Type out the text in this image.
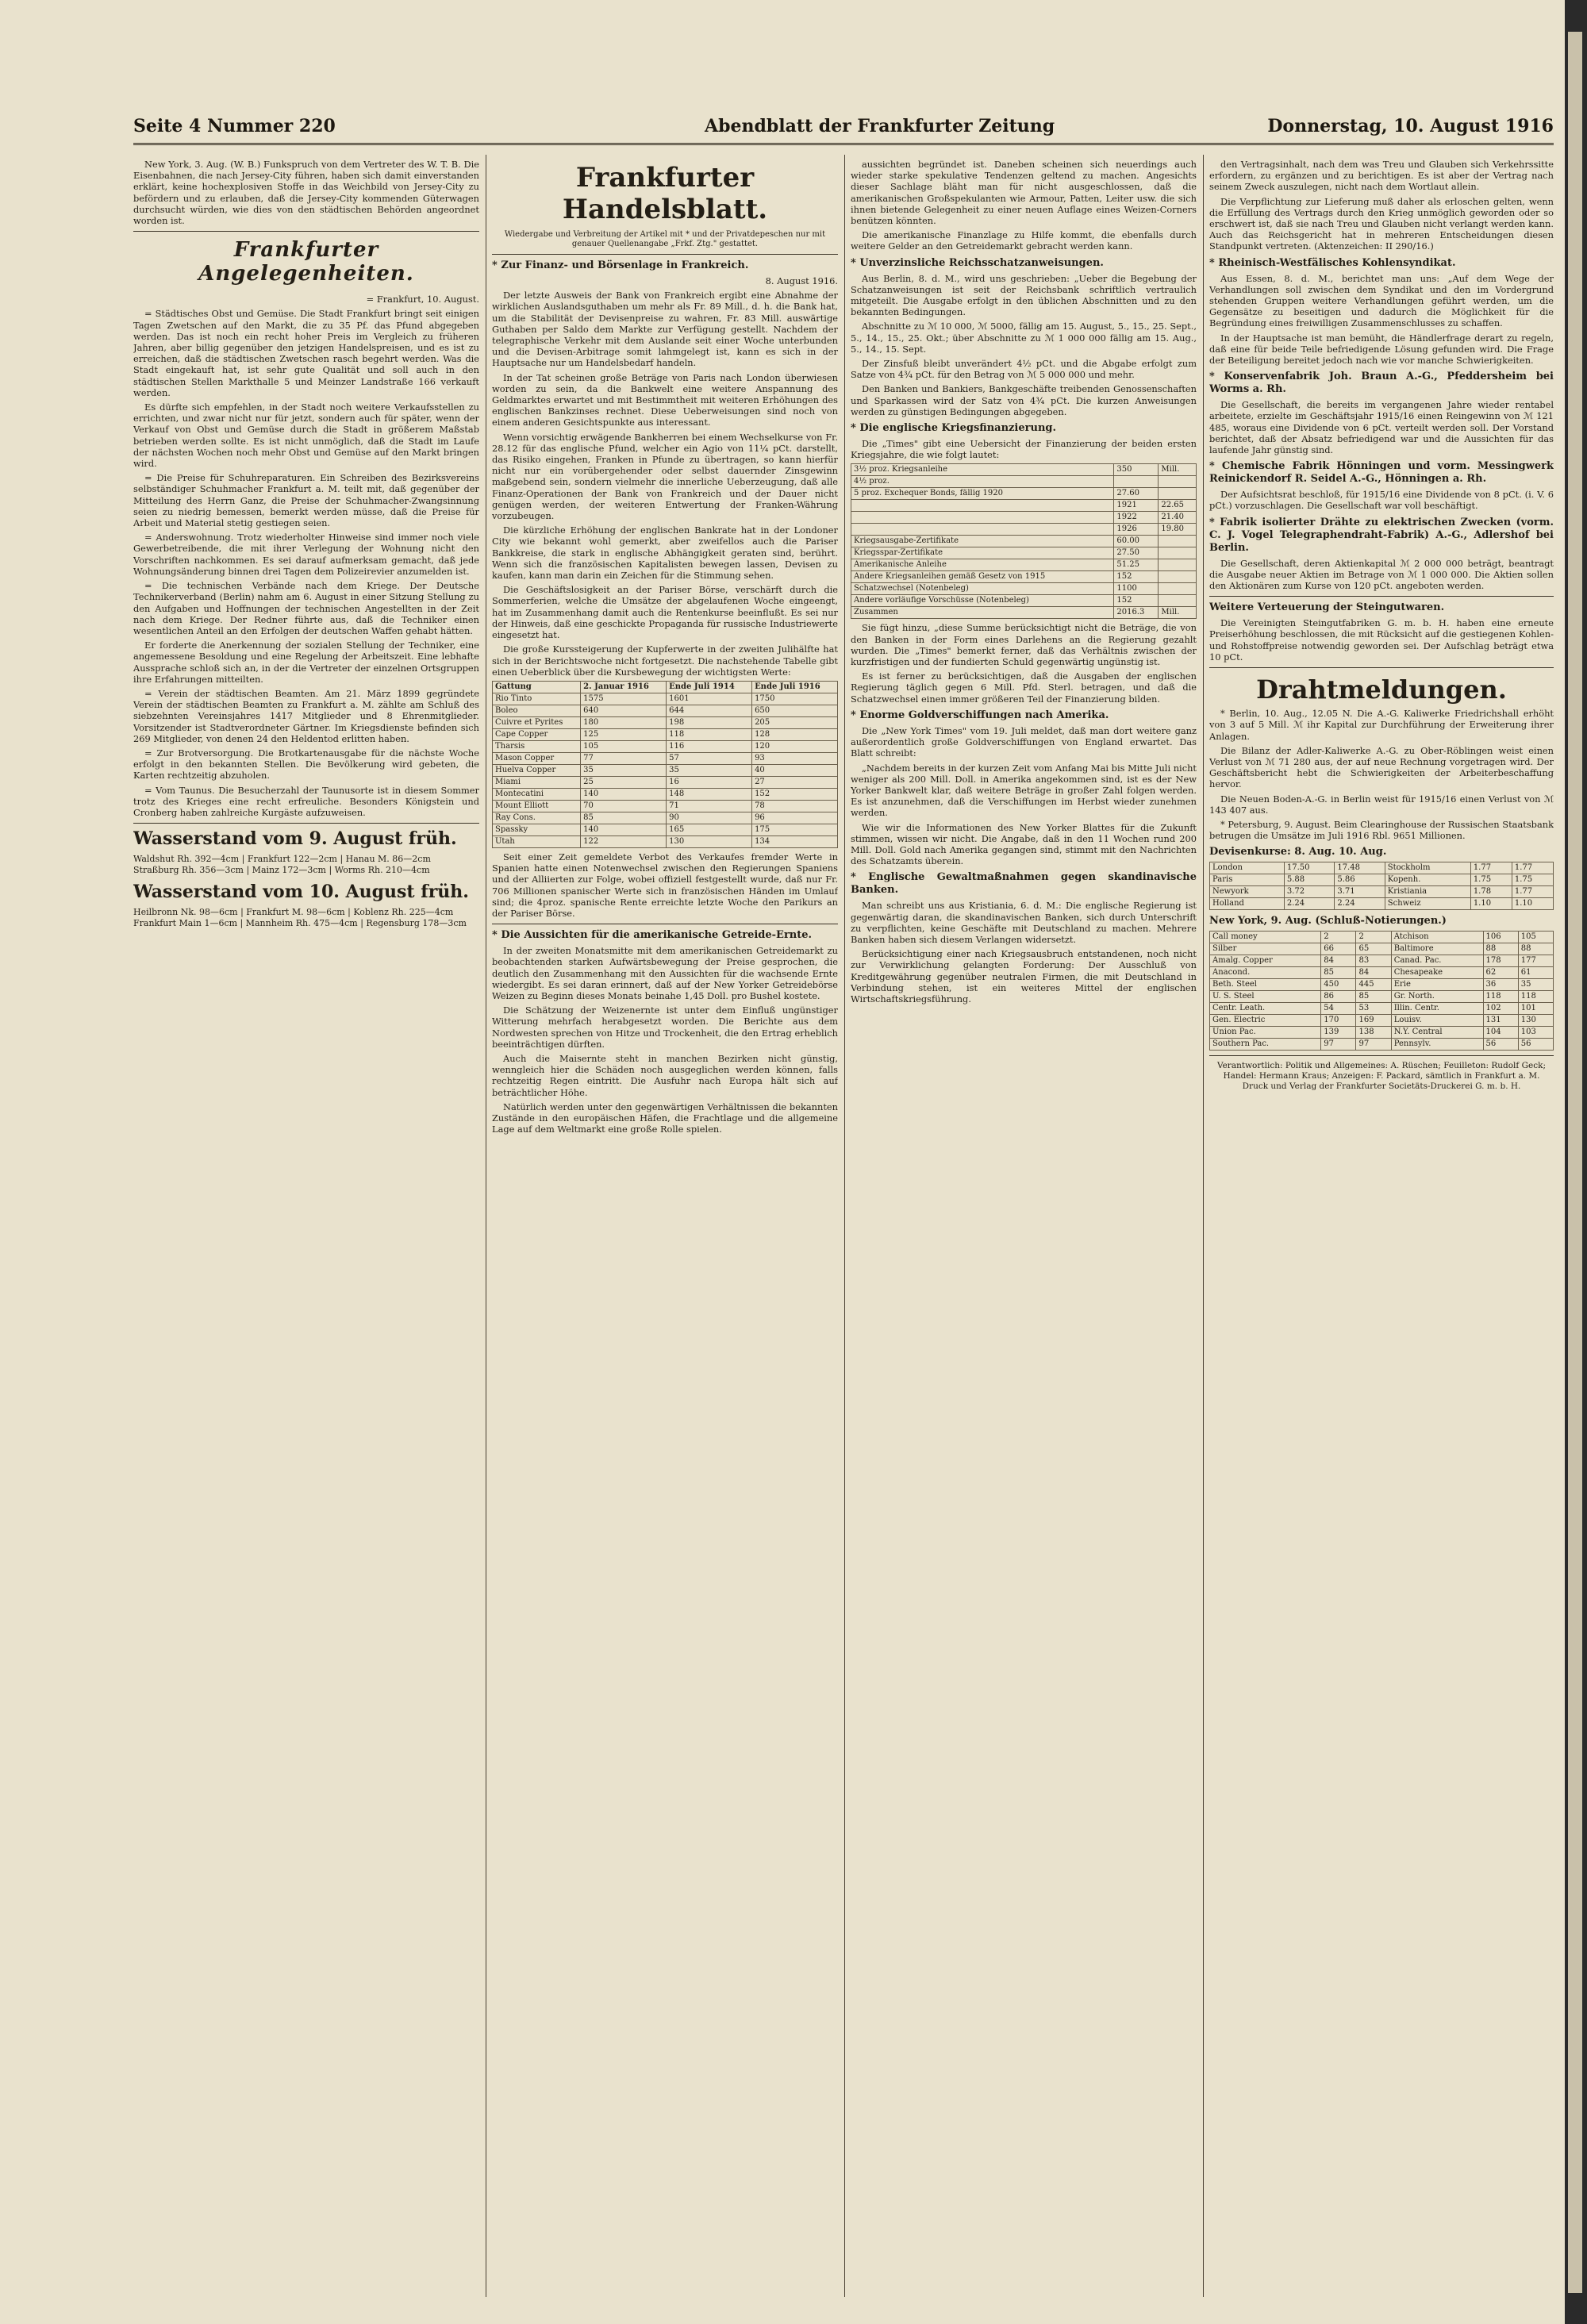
Seite 4 Nummer 220	Abendblatt der Frankfurter Zeitung	Donnerstag, 10. August 1916

New York, 3. Aug. (W. B.) Funkspruch von dem Vertreter des W. T. B. Die Eisenbahnen, die nach Jersey-City führen, haben sich damit einverstanden erklärt, keine hochexplosiven Stoffe in das Weichbild von Jersey-City zu befördern und zu erlauben, daß die Jersey-City kommenden Güterwagen durchsucht würden, wie dies von den städtischen Behörden angeordnet worden ist.

Frankfurter Angelegenheiten.

= Frankfurt, 10. August.

= Städtisches Obst und Gemüse. Die Stadt Frankfurt bringt seit einigen Tagen Zwetschen auf den Markt, die zu 35 Pf. das Pfund abgegeben werden. Das ist noch ein recht hoher Preis im Vergleich zu früheren Jahren, aber billig gegenüber den jetzigen Handelspreisen, und es ist zu erreichen, daß die städtischen Zwetschen rasch begehrt werden. Was die Stadt eingekauft hat, ist sehr gute Qualität und soll auch in den städtischen Stellen Markthalle 5 und Meinzer Landstraße 166 verkauft werden.

Es dürfte sich empfehlen, in der Stadt noch weitere Verkaufsstellen zu errichten, und zwar nicht nur für jetzt, sondern auch für später, wenn der Verkauf von Obst und Gemüse durch die Stadt in größerem Maßstab betrieben werden sollte. Es ist nicht unmöglich, daß die Stadt im Laufe der nächsten Wochen noch mehr Obst und Gemüse auf den Markt bringen wird.

= Die Preise für Schuhreparaturen. Ein Schreiben des Bezirksvereins selbständiger Schuhmacher Frankfurt a. M. teilt mit, daß gegenüber der Mitteilung des Herrn Ganz, die Preise der Schuhmacher-Zwangsinnung seien zu niedrig bemessen, bemerkt werden müsse, daß die Preise für Arbeit und Material stetig gestiegen seien.

= Anderswohnung. Trotz wiederholter Hinweise sind immer noch viele Gewerbetreibende, die mit ihrer Verlegung der Wohnung nicht den Vorschriften nachkommen. Es sei darauf aufmerksam gemacht, daß jede Wohnungsänderung binnen drei Tagen dem Polizeirevier anzumelden ist.

= Die technischen Verbände nach dem Kriege. Der Deutsche Technikerverband (Berlin) nahm am 6. August in einer Sitzung Stellung zu den Aufgaben und Hoffnungen der technischen Angestellten in der Zeit nach dem Kriege. Der Redner führte aus, daß die Techniker einen wesentlichen Anteil an den Erfolgen der deutschen Waffen gehabt hätten.

Er forderte die Anerkennung der sozialen Stellung der Techniker, eine angemessene Besoldung und eine Regelung der Arbeitszeit. Eine lebhafte Aussprache schloß sich an, in der die Vertreter der einzelnen Ortsgruppen ihre Erfahrungen mitteilten.

= Verein der städtischen Beamten. Am 21. März 1899 gegründete Verein der städtischen Beamten zu Frankfurt a. M. zählte am Schluß des siebzehnten Vereinsjahres 1417 Mitglieder und 8 Ehrenmitglieder. Vorsitzender ist Stadtverordneter Gärtner. Im Kriegsdienste befinden sich 269 Mitglieder, von denen 24 den Heldentod erlitten haben.

= Zur Brotversorgung. Die Brotkartenausgabe für die nächste Woche erfolgt in den bekannten Stellen. Die Bevölkerung wird gebeten, die Karten rechtzeitig abzuholen.

= Vom Taunus. Die Besucherzahl der Taunusorte ist in diesem Sommer trotz des Krieges eine recht erfreuliche. Besonders Königstein und Cronberg haben zahlreiche Kurgäste aufzuweisen.

Wasserstand vom 9. August früh.
Waldshut Rh. 392—4cm | Frankfurt 122—2cm | Hanau M. 86—2cm
Straßburg Rh. 356—3cm | Mainz 172—3cm | Worms Rh. 210—4cm
Wasserstand vom 10. August früh.
Heilbronn Nk. 98—6cm | Frankfurt M. 98—6cm | Koblenz Rh. 225—4cm
Frankfurt Main 1—6cm | Mannheim Rh. 475—4cm | Regensburg 178—3cm
Frankfurter Handelsblatt.
Wiedergabe und Verbreitung der Artikel mit * und der Privatdepeschen nur mit genauer Quellenangabe „Frkf. Ztg." gestattet.
* Zur Finanz- und Börsenlage in Frankreich.

8. August 1916.

Der letzte Ausweis der Bank von Frankreich ergibt eine Abnahme der wirklichen Auslandsguthaben um mehr als Fr. 89 Mill., d. h. die Bank hat, um die Stabilität der Devisenpreise zu wahren, Fr. 83 Mill. auswärtige Guthaben per Saldo dem Markte zur Verfügung gestellt. Nachdem der telegraphische Verkehr mit dem Auslande seit einer Woche unterbunden und die Devisen-Arbitrage somit lahmgelegt ist, kann es sich in der Hauptsache nur um Handelsbedarf handeln.

In der Tat scheinen große Beträge von Paris nach London überwiesen worden zu sein, da die Bankwelt eine weitere Anspannung des Geldmarktes erwartet und mit Bestimmtheit mit weiteren Erhöhungen des englischen Bankzinses rechnet. Diese Ueberweisungen sind noch von einem anderen Gesichtspunkte aus interessant.

Wenn vorsichtig erwägende Bankherren bei einem Wechselkurse von Fr. 28.12 für das englische Pfund, welcher ein Agio von 11¼ pCt. darstellt, das Risiko eingehen, Franken in Pfunde zu übertragen, so kann hierfür nicht nur ein vorübergehender oder selbst dauernder Zinsgewinn maßgebend sein, sondern vielmehr die innerliche Ueberzeugung, daß alle Finanz-Operationen der Bank von Frankreich und der Dauer nicht genügen werden, der weiteren Entwertung der Franken-Währung vorzubeugen.

Die kürzliche Erhöhung der englischen Bankrate hat in der Londoner City wie bekannt wohl gemerkt, aber zweifellos auch die Pariser Bankkreise, die stark in englische Abhängigkeit geraten sind, berührt. Wenn sich die französischen Kapitalisten bewegen lassen, Devisen zu kaufen, kann man darin ein Zeichen für die Stimmung sehen.

Die Geschäftslosigkeit an der Pariser Börse, verschärft durch die Sommerferien, welche die Umsätze der abgelaufenen Woche eingeengt, hat im Zusammenhang damit auch die Rentenkurse beeinflußt. Es sei nur der Hinweis, daß eine geschickte Propaganda für russische Industriewerte eingesetzt hat.

Die große Kurssteigerung der Kupferwerte in der zweiten Julihälfte hat sich in der Berichtswoche nicht fortgesetzt. Die nachstehende Tabelle gibt einen Ueberblick über die Kursbewegung der wichtigsten Werte:

Gattung	2. Januar 1916	Ende Juli 1914	Ende Juli 1916
Rio Tinto	1575	1601	1750
Boleo	640	644	650
Cuivre et Pyrites	180	198	205
Cape Copper	125	118	128
Tharsis	105	116	120
Mason Copper	77	57	93
Huelva Copper	35	35	40
Miami	25	16	27
Montecatini	140	148	152
Mount Elliott	70	71	78
Ray Cons.	85	90	96
Spassky	140	165	175
Utah	122	130	134

Seit einer Zeit gemeldete Verbot des Verkaufes fremder Werte in Spanien hatte einen Notenwechsel zwischen den Regierungen Spaniens und der Alliierten zur Folge, wobei offiziell festgestellt wurde, daß nur Fr. 706 Millionen spanischer Werte sich in französischen Händen im Umlauf sind; die 4proz. spanische Rente erreichte letzte Woche den Parikurs an der Pariser Börse.

* Die Aussichten für die amerikanische Getreide-Ernte.

In der zweiten Monatsmitte mit dem amerikanischen Getreidemarkt zu beobachtenden starken Aufwärtsbewegung der Preise gesprochen, die deutlich den Zusammenhang mit den Aussichten für die wachsende Ernte wiedergibt. Es sei daran erinnert, daß auf der New Yorker Getreidebörse Weizen zu Beginn dieses Monats beinahe 1,45 Doll. pro Bushel kostete.

Die Schätzung der Weizenernte ist unter dem Einfluß ungünstiger Witterung mehrfach herabgesetzt worden. Die Berichte aus dem Nordwesten sprechen von Hitze und Trockenheit, die den Ertrag erheblich beeinträchtigen dürften.

Auch die Maisernte steht in manchen Bezirken nicht günstig, wenngleich hier die Schäden noch ausgeglichen werden können, falls rechtzeitig Regen eintritt. Die Ausfuhr nach Europa hält sich auf beträchtlicher Höhe.

Natürlich werden unter den gegenwärtigen Verhältnissen die bekannten Zustände in den europäischen Häfen, die Frachtlage und die allgemeine Lage auf dem Weltmarkt eine große Rolle spielen.

aussichten begründet ist. Daneben scheinen sich neuerdings auch wieder starke spekulative Tendenzen geltend zu machen. Angesichts dieser Sachlage bläht man für nicht ausgeschlossen, daß die amerikanischen Großspekulanten wie Armour, Patten, Leiter usw. die sich ihnen bietende Gelegenheit zu einer neuen Auflage eines Weizen-Corners benützen könnten.

Die amerikanische Finanzlage zu Hilfe kommt, die ebenfalls durch weitere Gelder an den Getreidemarkt gebracht werden kann.

* Unverzinsliche Reichsschatzanweisungen.

Aus Berlin, 8. d. M., wird uns geschrieben: „Ueber die Begebung der Schatzanweisungen ist seit der Reichsbank schriftlich vertraulich mitgeteilt. Die Ausgabe erfolgt in den üblichen Abschnitten und zu den bekannten Bedingungen.

Abschnitte zu ℳ 10 000, ℳ 5000, fällig am 15. August, 5., 15., 25. Sept., 5., 14., 15., 25. Okt.; über Abschnitte zu ℳ 1 000 000 fällig am 15. Aug., 5., 14., 15. Sept.

Der Zinsfuß bleibt unverändert 4½ pCt. und die Abgabe erfolgt zum Satze von 4¾ pCt. für den Betrag von ℳ 5 000 000 und mehr.

Den Banken und Bankiers, Bankgeschäfte treibenden Genossenschaften und Sparkassen wird der Satz von 4¾ pCt. Die kurzen Anweisungen werden zu günstigen Bedingungen abgegeben.

* Die englische Kriegsfinanzierung.

Die „Times" gibt eine Uebersicht der Finanzierung der beiden ersten Kriegsjahre, die wie folgt lautet:

3½ proz. Kriegsanleihe	350	Mill.
4½ proz.		
5 proz. Exchequer Bonds, fällig 1920	27.60	
	1921	22.65
	1922	21.40
	1926	19.80
Kriegsausgabe-Zertifikate	60.00	
Kriegsspar-Zertifikate	27.50	
Amerikanische Anleihe	51.25	
Andere Kriegsanleihen gemäß Gesetz von 1915	152	
Schatzwechsel (Notenbeleg)	1100	
Andere vorläufige Vorschüsse (Notenbeleg)	152	
Zusammen	2016.3	Mill.

Sie fügt hinzu, „diese Summe berücksichtigt nicht die Beträge, die von den Banken in der Form eines Darlehens an die Regierung gezahlt wurden. Die „Times" bemerkt ferner, daß das Verhältnis zwischen der kurzfristigen und der fundierten Schuld gegenwärtig ungünstig ist.

Es ist ferner zu berücksichtigen, daß die Ausgaben der englischen Regierung täglich gegen 6 Mill. Pfd. Sterl. betragen, und daß die Schatzwechsel einen immer größeren Teil der Finanzierung bilden.

* Enorme Goldverschiffungen nach Amerika.

Die „New York Times" vom 19. Juli meldet, daß man dort weitere ganz außerordentlich große Goldverschiffungen von England erwartet. Das Blatt schreibt:

„Nachdem bereits in der kurzen Zeit vom Anfang Mai bis Mitte Juli nicht weniger als 200 Mill. Doll. in Amerika angekommen sind, ist es der New Yorker Bankwelt klar, daß weitere Beträge in großer Zahl folgen werden. Es ist anzunehmen, daß die Verschiffungen im Herbst wieder zunehmen werden.

Wie wir die Informationen des New Yorker Blattes für die Zukunft stimmen, wissen wir nicht. Die Angabe, daß in den 11 Wochen rund 200 Mill. Doll. Gold nach Amerika gegangen sind, stimmt mit den Nachrichten des Schatzamts überein.

* Englische Gewaltmaßnahmen gegen skandinavische Banken.

Man schreibt uns aus Kristiania, 6. d. M.: Die englische Regierung ist gegenwärtig daran, die skandinavischen Banken, sich durch Unterschrift zu verpflichten, keine Geschäfte mit Deutschland zu machen. Mehrere Banken haben sich diesem Verlangen widersetzt.

Berücksichtigung einer nach Kriegsausbruch entstandenen, noch nicht zur Verwirklichung gelangten Forderung: Der Ausschluß von Kreditgewährung gegenüber neutralen Firmen, die mit Deutschland in Verbindung stehen, ist ein weiteres Mittel der englischen Wirtschaftskriegsführung.

den Vertragsinhalt, nach dem was Treu und Glauben sich Verkehrssitte erfordern, zu ergänzen und zu berichtigen. Es ist aber der Vertrag nach seinem Zweck auszulegen, nicht nach dem Wortlaut allein.

Die Verpflichtung zur Lieferung muß daher als erloschen gelten, wenn die Erfüllung des Vertrags durch den Krieg unmöglich geworden oder so erschwert ist, daß sie nach Treu und Glauben nicht verlangt werden kann. Auch das Reichsgericht hat in mehreren Entscheidungen diesen Standpunkt vertreten. (Aktenzeichen: II 290/16.)

* Rheinisch-Westfälisches Kohlensyndikat.

Aus Essen, 8. d. M., berichtet man uns: „Auf dem Wege der Verhandlungen soll zwischen dem Syndikat und den im Vordergrund stehenden Gruppen weitere Verhandlungen geführt werden, um die Gegensätze zu beseitigen und dadurch die Möglichkeit für die Begründung eines freiwilligen Zusammenschlusses zu schaffen.

In der Hauptsache ist man bemüht, die Händlerfrage derart zu regeln, daß eine für beide Teile befriedigende Lösung gefunden wird. Die Frage der Beteiligung bereitet jedoch nach wie vor manche Schwierigkeiten.

* Konservenfabrik Joh. Braun A.-G., Pfeddersheim bei Worms a. Rh.

Die Gesellschaft, die bereits im vergangenen Jahre wieder rentabel arbeitete, erzielte im Geschäftsjahr 1915/16 einen Reingewinn von ℳ 121 485, woraus eine Dividende von 6 pCt. verteilt werden soll. Der Vorstand berichtet, daß der Absatz befriedigend war und die Aussichten für das laufende Jahr günstig sind.

* Chemische Fabrik Hönningen und vorm. Messingwerk Reinickendorf R. Seidel A.-G., Hönningen a. Rh.

Der Aufsichtsrat beschloß, für 1915/16 eine Dividende von 8 pCt. (i. V. 6 pCt.) vorzuschlagen. Die Gesellschaft war voll beschäftigt.

* Fabrik isolierter Drähte zu elektrischen Zwecken (vorm. C. J. Vogel Telegraphendraht-Fabrik) A.-G., Adlershof bei Berlin.

Die Gesellschaft, deren Aktienkapital ℳ 2 000 000 beträgt, beantragt die Ausgabe neuer Aktien im Betrage von ℳ 1 000 000. Die Aktien sollen den Aktionären zum Kurse von 120 pCt. angeboten werden.

Weitere Verteuerung der Steingutwaren.

Die Vereinigten Steingutfabriken G. m. b. H. haben eine erneute Preiserhöhung beschlossen, die mit Rücksicht auf die gestiegenen Kohlen- und Rohstoffpreise notwendig geworden sei. Der Aufschlag beträgt etwa 10 pCt.

Drahtmeldungen.

* Berlin, 10. Aug., 12.05 N. Die A.-G. Kaliwerke Friedrichshall erhöht von 3 auf 5 Mill. ℳ ihr Kapital zur Durchführung der Erweiterung ihrer Anlagen.

Die Bilanz der Adler-Kaliwerke A.-G. zu Ober-Röblingen weist einen Verlust von ℳ 71 280 aus, der auf neue Rechnung vorgetragen wird. Der Geschäftsbericht hebt die Schwierigkeiten der Arbeiterbeschaffung hervor.

Die Neuen Boden-A.-G. in Berlin weist für 1915/16 einen Verlust von ℳ 143 407 aus.

* Petersburg, 9. August. Beim Clearinghouse der Russischen Staatsbank betrugen die Umsätze im Juli 1916 Rbl. 9651 Millionen.

Devisenkurse: 8. Aug. 10. Aug.
London	17.50	17.48	Stockholm	1.77	1.77
Paris	5.88	5.86	Kopenh.	1.75	1.75
Newyork	3.72	3.71	Kristiania	1.78	1.77
Holland	2.24	2.24	Schweiz	1.10	1.10
New York, 9. Aug. (Schluß-Notierungen.)
Call money	2	2	Atchison	106	105
Silber	66	65	Baltimore	88	88
Amalg. Copper	84	83	Canad. Pac.	178	177
Anacond.	85	84	Chesapeake	62	61
Beth. Steel	450	445	Erie	36	35
U. S. Steel	86	85	Gr. North.	118	118
Centr. Leath.	54	53	Illin. Centr.	102	101
Gen. Electric	170	169	Louisv.	131	130
Union Pac.	139	138	N.Y. Central	104	103
Southern Pac.	97	97	Pennsylv.	56	56
Verantwortlich: Politik und Allgemeines: A. Rüschen; Feuilleton: Rudolf Geck; Handel: Hermann Kraus; Anzeigen: F. Packard, sämtlich in Frankfurt a. M. Druck und Verlag der Frankfurter Societäts-Druckerei G. m. b. H.
